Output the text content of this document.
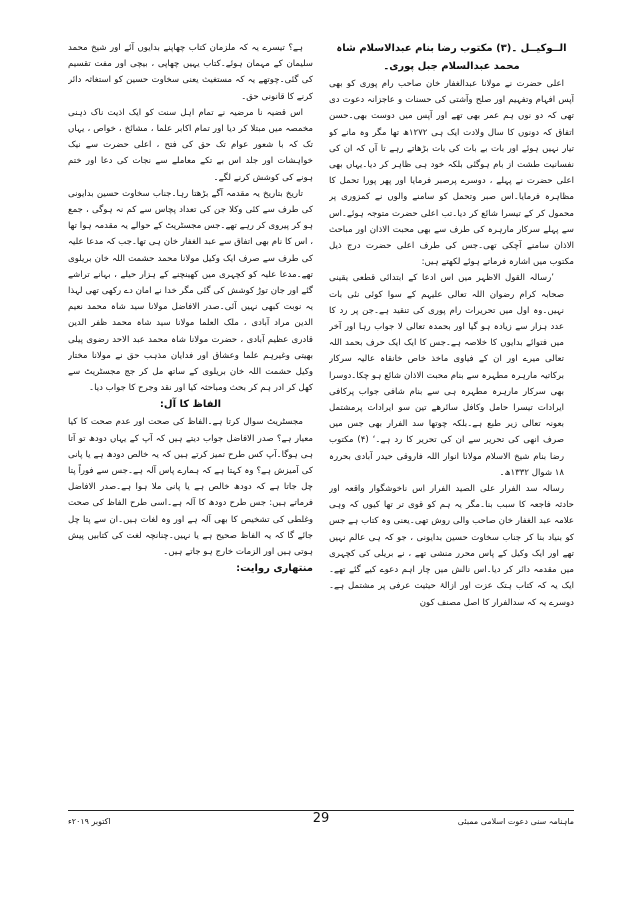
الــوکیــل ۔(۳) مکتوب رضا بنام عبدالاسلام شاہ محمد عبدالسلام جبل پوری۔

اعلی حضرت نے مولانا عبدالغفار خان صاحب رام پوری کو بھی آپس افہام وتفہیم اور صلح وآشتی کی حسنات و عاجزانہ دعوت دی تھی کہ دو نوں ہم عمر بھی تھے اور آپس میں دوست بھی۔حسن اتفاق کہ دونوں کا سال ولادت ایک ہی ۱۲۷۲ھ تھا مگر وہ مانے کو تیار نہیں ہوئے اور بات بے بات کی بات بڑھاتے رہے تا آں کہ ان کی نفسانیت طشت از بام ہوگئی بلکہ خود ہی ظاہر کر دیا۔یہاں بھی اعلی حضرت نے پہلے ، دوسرے پرصبر فرمایا اور پھر پورا تحمل کا مظاہرہ فرمایا۔اس صبر وتحمل کو سامنے والوں نے کمزوری پر محمول کر کے تیسرا شائع کر دیا۔تب اعلی حضرت متوجہ ہوئے۔اس سے پہلے سرکار مارہرہ کی طرف سے بھی محبت الاذان اور مباحث الاذان سامنے آچکی تھی۔جس کی طرف اعلی حضرت درج ذیل مکتوب میں اشارہ فرماتے ہوئے لکھتے ہیں:

’رسالہ القول الاظہر میں اس ادعا کے ابتدائی قطعی یقینی صحابہ کرام رضوان اللہ تعالی علیہم کے سوا کوئی نئی بات نہیں۔وہ اول میں تحریرات رام پوری کی تنقید ہے۔جن پر رد کا عدد ہزار سے زیادہ ہو گیا اور بحمدہ تعالی لا جواب رہا اور آخر میں فتوائے بدایوں کا خلاصہ ہے۔جس کا ایک ایک حرف بحمد اللہ تعالی میرے اور ان کے فیاوی ماخذ خاص خانقاہ عالیہ سرکار برکاتیہ مارہرہ مطہرہ سے بنام محبت الاذان شائع ہو چکا۔دوسرا بھی سرکار مارہرہ مطہرہ ہی سے بنام شافی جواب پرکافی ایرادات تیسرا حامل وکافل سائرھے تین سو ایرادات پرمشتمل بعونہ تعالی زیر طبع ہے۔بلکہ چوتھا سد الفرار بھی جس میں صرف انھی کی تحریر سے ان کی تحریر کا رد ہے۔‘ (۴) مکتوب رضا بنام شیخ الاسلام مولانا انوار اللہ فاروقی حیدر آبادی بحررہ ۱۸ شوال ۱۳۳۲ھ۔

رسالہ سد الفرار علی الصید الفرار اس ناخوشگوار واقعہ اور حادثہ فاجعہ کا سبب بنا۔مگر یہ ہم کو قوی تر تھا کیوں کہ وہی علامہ عبد الغفار خان صاحب والی روش تھی۔یعنی وہ کتاب ہے جس کو بنیاد بنا کر جناب سخاوت حسین بدایونی ، جو کہ ہی عالم نہیں تھے اور ایک وکیل کے پاس محرر منشی تھے ، نے بریلی کی کچہری میں مقدمہ دائر کر دیا۔اس نالش میں چار اہم دعوے کیے گئے تھے۔ایک یہ کہ کتاب ہتک عزت اور ازالۂ حیثیت عرفی پر مشتمل ہے۔دوسرے یہ کہ سدالفرار کا اصل مصنف کون

ہے؟ تیسرے یہ کہ ملزمان کتاب چھاپنے بدایوں آئے اور شیخ محمد سلیمان کے مہمان ہوئے۔کتاب یہیں چھاپی ، بیچی اور مفت تقسیم کی گئی۔چوتھے یہ کہ مستغیث یعنی سخاوت حسین کو استغاثہ دائر کرنے کا قانونی حق۔

اس قضیہ نا مرضیہ نے تمام اہل سنت کو ایک اذیت ناک ذہنی مخمصہ میں مبتلا کر دیا اور تمام اکابر علما ، مشائخ ، خواص ، یہاں تک کہ با شعور عوام تک حق کی فتح ، اعلی حضرت سے نیک خواہشات اور جلد اس بے تکے معاملے سے نجات کی دعا اور ختم ہونے کی کوشش کرنے لگے۔

تاریخ بتاریخ یہ مقدمہ آگے بڑھتا رہا۔جناب سخاوت حسین بدایونی کی طرف سے کئی وکلا جن کی تعداد پچاس سے کم نہ ہوگی ، جمع ہو کر پیروی کر رہے تھے۔جس مجسٹریٹ کے حوالے یہ مقدمہ ہوا تھا ، اس کا نام بھی اتفاق سے عبد الغفار خان ہی تھا۔جب کہ مدعا علیہ کی طرف سے صرف ایک وکیل مولانا محمد حشمت اللہ خان بریلوی تھے۔مدعا علیہ کو کچہری میں کھینچنے کے ہزار حیلے ، بہانے تراشے گئے اور جان توڑ کوشش کی گئی مگر خدا نے امان دے رکھی تھی لہذا یہ نوبت کبھی نہیں آئی۔صدر الافاضل مولانا سید شاہ محمد نعیم الدین مراد آبادی ، ملک العلما مولانا سید شاہ محمد ظفر الدین قادری عظیم آبادی ، حضرت مولانا شاہ محمد عبد الاحد رضوی پیلی بھیتی وغیرہم علما وعشاق اور فدایان مذہب حق نے مولانا مختار وکیل حشمت اللہ خان بریلوی کے ساتھ مل کر جج مجسٹریٹ سے کھل کر ادر ہم کر بحث ومباحثہ کیا اور نقد وجرح کا جواب دیا۔

الفاظ کا آل:

مجسٹریٹ سوال کرتا ہے۔الفاظ کی صحت اور عدم صحت کا کیا معیار ہے؟ صدر الافاضل جواب دیتے ہیں کہ آپ کے یہاں دودھ تو آتا ہی ہوگا۔آپ کس طرح تمیز کرتے ہیں کہ یہ خالص دودھ ہے یا پانی کی آمیزش ہے؟ وہ کہتا ہے کہ ہمارے پاس آلہ ہے۔جس سے فوراً پتا چل جاتا ہے کہ دودھ خالص ہے یا پانی ملا ہوا ہے۔صدر الافاضل فرماتے ہیں: جس طرح دودھ کا آلہ ہے۔اسی طرح الفاظ کی صحت وغلطی کی تشخیص کا بھی آلہ ہے اور وہ لغات ہیں۔ان سے پتا چل جائے گا کہ یہ الفاظ صحیح ہے یا نہیں۔چنانچہ لغت کی کتابیں پیش ہوتی ہیں اور الزمات خارج ہو جاتے ہیں۔

منتھاری روایت:

ماہنامہ سنی دعوت اسلامی ممبئی
29
اکتوبر ۲۰۱۹ء
